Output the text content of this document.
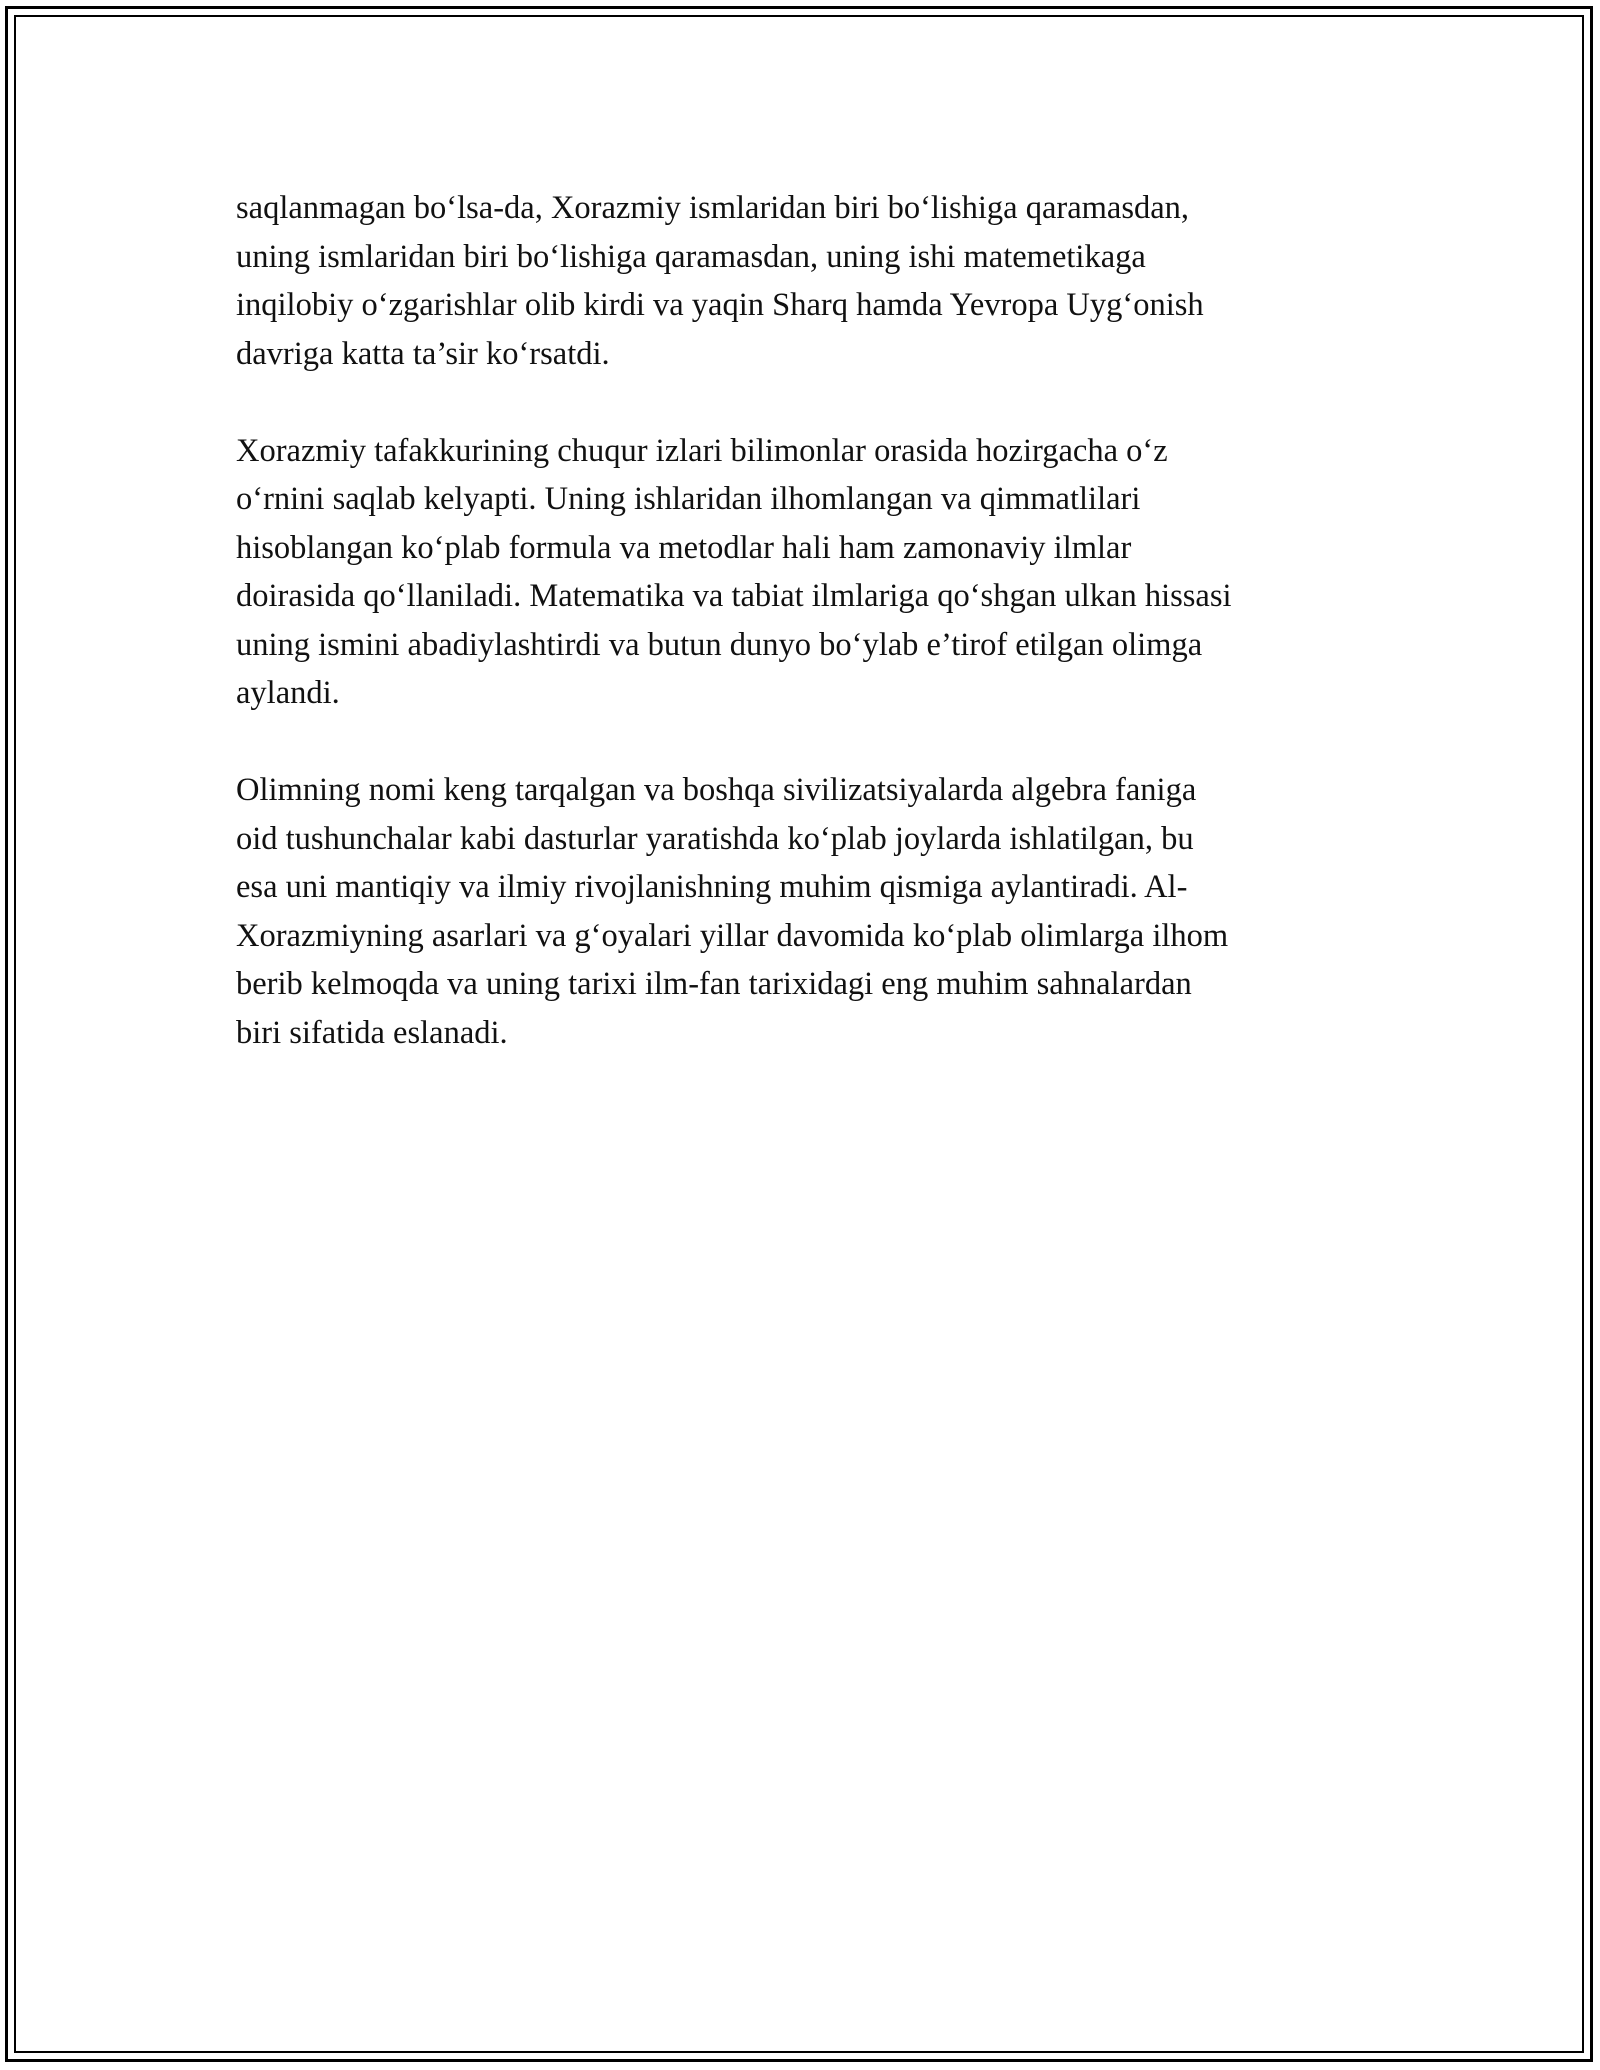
saqlanmagan bo‘lsa-da, Xorazmiy ismlaridan biri bo‘lishiga qaramasdan,
uning ismlaridan biri bo‘lishiga qaramasdan, uning ishi matemetikaga
inqilobiy o‘zgarishlar olib kirdi va yaqin Sharq hamda Yevropa Uyg‘onish
davriga katta ta’sir ko‘rsatdi.

Xorazmiy tafakkurining chuqur izlari bilimonlar orasida hozirgacha o‘z
o‘rnini saqlab kelyapti. Uning ishlaridan ilhomlangan va qimmatlilari
hisoblangan ko‘plab formula va metodlar hali ham zamonaviy ilmlar
doirasida qo‘llaniladi. Matematika va tabiat ilmlariga qo‘shgan ulkan hissasi
uning ismini abadiylashtirdi va butun dunyo bo‘ylab e’tirof etilgan olimga
aylandi.

Olimning nomi keng tarqalgan va boshqa sivilizatsiyalarda algebra faniga
oid tushunchalar kabi dasturlar yaratishda ko‘plab joylarda ishlatilgan, bu
esa uni mantiqiy va ilmiy rivojlanishning muhim qismiga aylantiradi. Al-
Xorazmiyning asarlari va g‘oyalari yillar davomida ko‘plab olimlarga ilhom
berib kelmoqda va uning tarixi ilm-fan tarixidagi eng muhim sahnalardan
biri sifatida eslanadi.
